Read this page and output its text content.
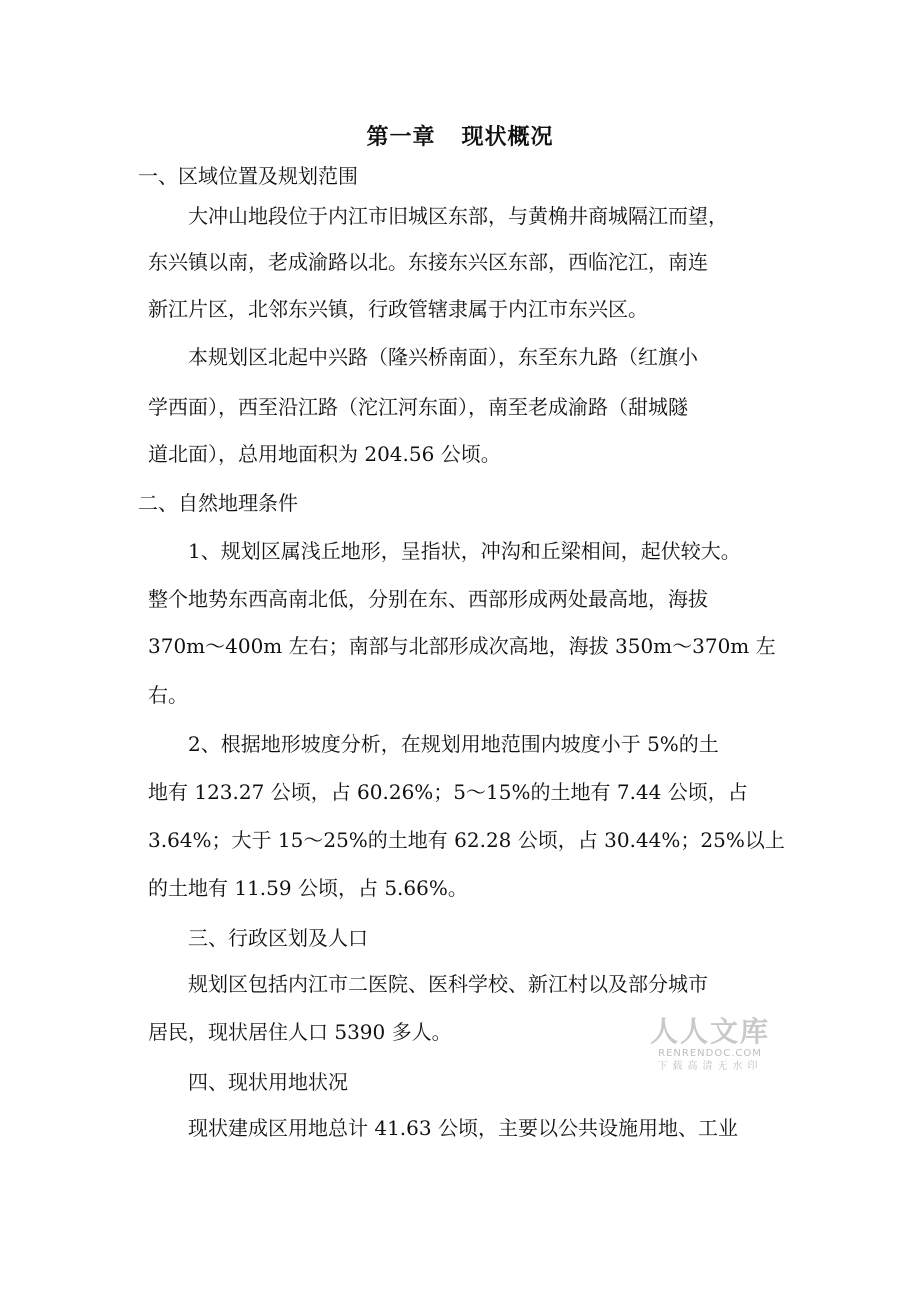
第一章 现状概况
一、区域位置及规划范围
大冲山地段位于内江市旧城区东部，与黄桷井商城隔江而望，
东兴镇以南，老成渝路以北。东接东兴区东部，西临沱江，南连
新江片区，北邻东兴镇，行政管辖隶属于内江市东兴区。
本规划区北起中兴路（隆兴桥南面），东至东九路（红旗小
学西面），西至沿江路（沱江河东面），南至老成渝路（甜城隧
道北面），总用地面积为 204.56 公顷。
二、自然地理条件
1、规划区属浅丘地形，呈指状，冲沟和丘梁相间，起伏较大。
整个地势东西高南北低，分别在东、西部形成两处最高地，海拔
370m～400m 左右；南部与北部形成次高地，海拔 350m～370m 左
右。
2、根据地形坡度分析，在规划用地范围内坡度小于 5%的土
地有 123.27 公顷，占 60.26%；5～15%的土地有 7.44 公顷，占
3.64%；大于 15～25%的土地有 62.28 公顷，占 30.44%；25%以上
的土地有 11.59 公顷，占 5.66%。
三、行政区划及人口
规划区包括内江市二医院、医科学校、新江村以及部分城市
居民，现状居住人口 5390 多人。
四、现状用地状况
现状建成区用地总计 41.63 公顷，主要以公共设施用地、工业
人人文库
RENRENDOC.COM
下载高清无水印
